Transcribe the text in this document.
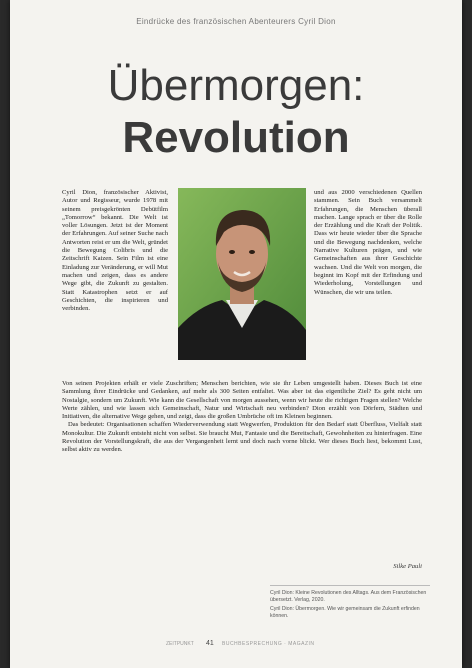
Eindrücke des französischen Abenteurers Cyril Dion
Übermorgen:
Revolution

Cyril Dion, französischer Aktivist, Autor und Regisseur, wurde 1978 mit seinem preisgekrönten Debütfilm „Tomorrow“ bekannt. Die Welt ist voller Lösungen. Jetzt ist der Moment der Erfahrungen. Auf seiner Suche nach Antworten reist er um die Welt, gründet die Bewegung Colibris und die Zeitschrift Kaizen. Sein Film ist eine Einladung zur Veränderung, er will Mut machen und zeigen, dass es andere Wege gibt, die Zukunft zu gestalten. Statt Katastrophen setzt er auf Geschichten, die inspirieren und verbinden.

und aus 2000 verschiedenen Quellen stammen. Sein Buch versammelt Erfahrungen, die Menschen überall machen. Lange sprach er über die Rolle der Erzählung und die Kraft der Politik. Dass wir heute wieder über die Sprache und die Bewegung nachdenken, welche Narrative Kulturen prägen, und wie Gemeinschaften aus ihrer Geschichte wachsen. Und die Welt von morgen, die beginnt im Kopf mit der Erfindung und Wiederholung, Vorstellungen und Wünschen, die wir uns teilen.

Von seinen Projekten erhält er viele Zuschriften; Menschen berichten, wie sie ihr Leben umgestellt haben. Dieses Buch ist eine Sammlung ihrer Eindrücke und Gedanken, auf mehr als 300 Seiten entfaltet. Was aber ist das eigentliche Ziel? Es geht nicht um Nostalgie, sondern um Zukunft. Wie kann die Gesellschaft von morgen aussehen, wenn wir heute die richtigen Fragen stellen? Welche Werte zählen, und wie lassen sich Gemeinschaft, Natur und Wirtschaft neu verbinden? Dion erzählt von Dörfern, Städten und Initiativen, die alternative Wege gehen, und zeigt, dass die großen Umbrüche oft im Kleinen beginnen.

Das bedeutet: Organisationen schaffen Wiederverwendung statt Wegwerfen, Produktion für den Bedarf statt Überfluss, Vielfalt statt Monokultur. Die Zukunft entsteht nicht von selbst. Sie braucht Mut, Fantasie und die Bereitschaft, Gewohnheiten zu hinterfragen. Eine Revolution der Vorstellungskraft, die aus der Vergangenheit lernt und doch nach vorne blickt. Wer dieses Buch liest, bekommt Lust, selbst aktiv zu werden.

Silke Pauli

Cyril Dion: Kleine Revolutionen des Alltags. Aus dem Französischen übersetzt. Verlag, 2020.

Cyril Dion: Übermorgen. Wie wir gemeinsam die Zukunft erfinden können.

ZEITPUNKT 41 BUCHBESPRECHUNG · MAGAZIN
